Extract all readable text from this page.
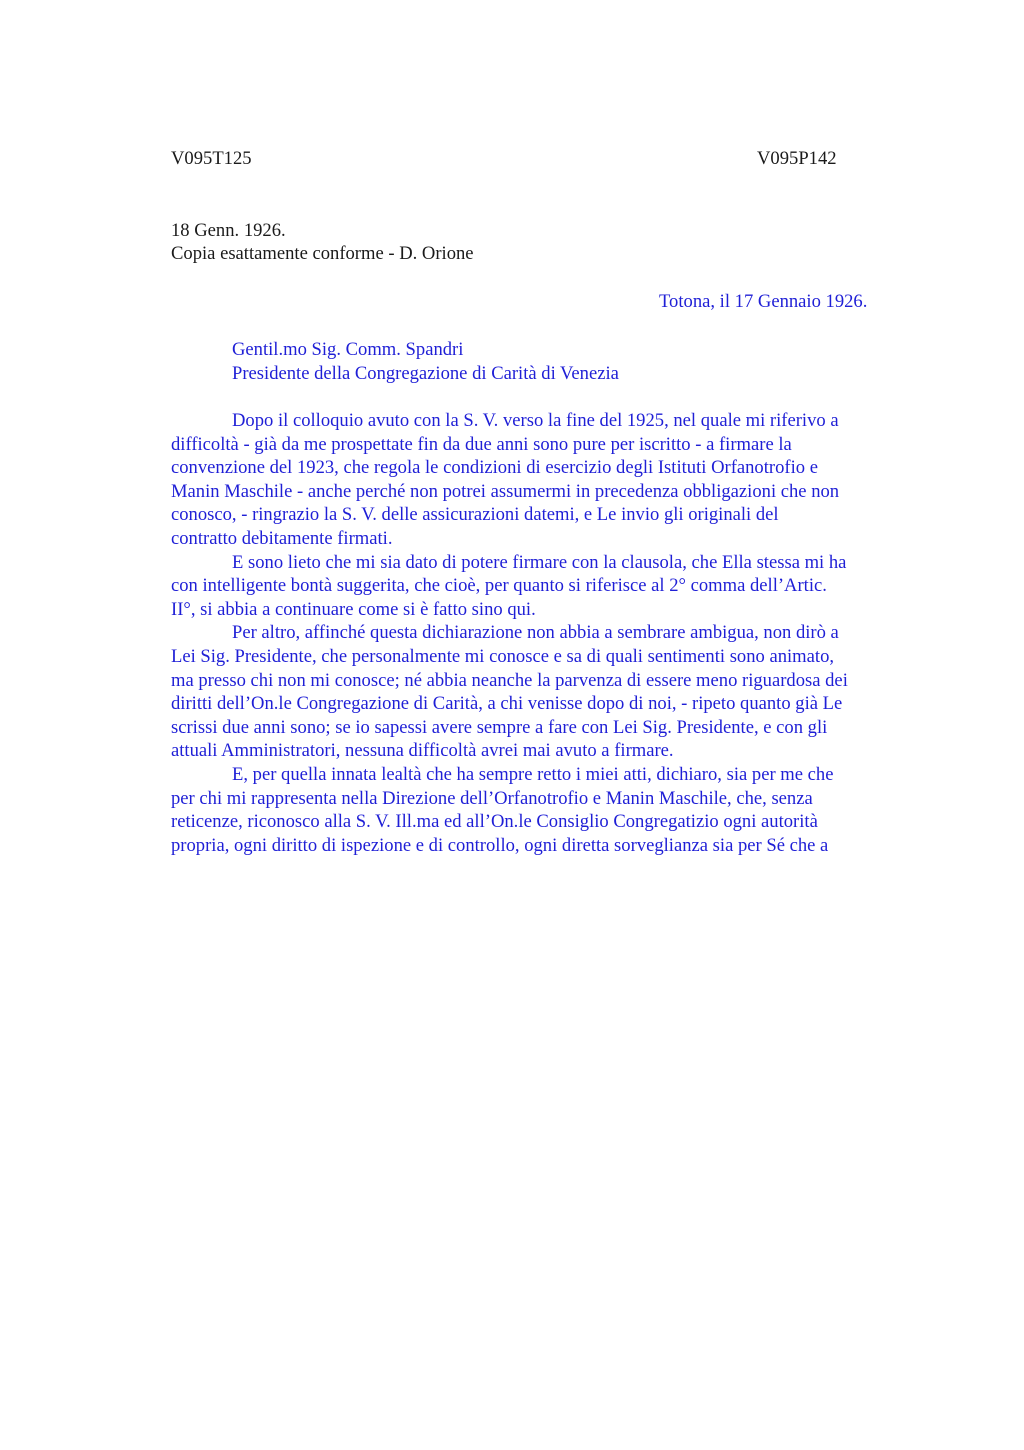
V095T125	V095P142

18 Genn. 1926.

Copia esattamente conforme - D. Orione

Totona, il 17 Gennaio 1926.

Gentil.mo Sig. Comm. Spandri

Presidente della Congregazione di Carità di Venezia

Dopo il colloquio avuto con la S. V. verso la fine del 1925, nel quale mi riferivo a
difficoltà - già da me prospettate fin da due anni sono pure per iscritto - a firmare la
convenzione del 1923, che regola le condizioni di esercizio degli Istituti Orfanotrofio e
Manin Maschile - anche perché non potrei assumermi in precedenza obbligazioni che non
conosco, - ringrazio la S. V. delle assicurazioni datemi, e Le invio gli originali del
contratto debitamente firmati.
E sono lieto che mi sia dato di potere firmare con la clausola, che Ella stessa mi ha
con intelligente bontà suggerita, che cioè, per quanto si riferisce al 2° comma dell’Artic.
II°, si abbia a continuare come si è fatto sino qui.
Per altro, affinché questa dichiarazione non abbia a sembrare ambigua, non dirò a
Lei Sig. Presidente, che personalmente mi conosce e sa di quali sentimenti sono animato,
ma presso chi non mi conosce; né abbia neanche la parvenza di essere meno riguardosa dei
diritti dell’On.le Congregazione di Carità, a chi venisse dopo di noi, - ripeto quanto già Le
scrissi due anni sono; se io sapessi avere sempre a fare con Lei Sig. Presidente, e con gli
attuali Amministratori, nessuna difficoltà avrei mai avuto a firmare.
E, per quella innata lealtà che ha sempre retto i miei atti, dichiaro, sia per me che
per chi mi rappresenta nella Direzione dell’Orfanotrofio e Manin Maschile, che, senza
reticenze, riconosco alla S. V. Ill.ma ed all’On.le Consiglio Congregatizio ogni autorità
propria, ogni diritto di ispezione e di controllo, ogni diretta sorveglianza sia per Sé che a
